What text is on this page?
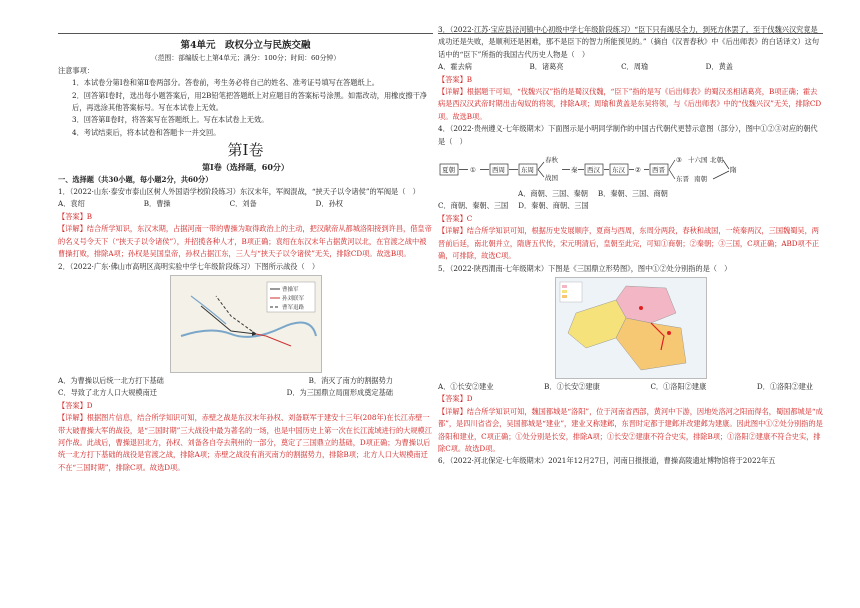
第4单元　政权分立与民族交融

（范围：部编版七上第4单元；满分：100分；时间：60分钟）

注意事项：

1．本试卷分第Ⅰ卷和第Ⅱ卷两部分。答卷前，考生务必将自己的姓名、准考证号填写在答题纸上。

2．回答第Ⅰ卷时，选出每小题答案后，用2B铅笔把答题纸上对应题目的答案标号涂黑。如需改动，用橡皮擦干净后，再选涂其他答案标号。写在本试卷上无效。

3．回答第Ⅱ卷时，将答案写在答题纸上。写在本试卷上无效。

4．考试结束后，将本试卷和答题卡一并交回。

第Ⅰ卷

第Ⅰ卷（选择题，60分）

一、选择题（共30小题，每小题2分，共60分）

1．（2022·山东·泰安市泰山区树人外国语学校阶段练习）东汉末年，军阀混战，“挟天子以令诸侯”的军阀是（　）

A．袁绍	B．曹操	C．刘备	D．孙权

【答案】B

【详解】结合所学知识，东汉末期，占据河南一带的曹操为取得政治上的主动，把汉献帝从都城洛阳接到许昌，借皇帝的名义号令天下（“挟天子以令诸侯”），并招揽各种人才，B项正确；袁绍在东汉末年占据黄河以北，在官渡之战中被曹操打败，排除A项；孙权是吴国皇帝，孙权占据江东，三人与“挟天子以令诸侯”无关，排除CD项。故选B项。

2．（2022·广东·佛山市高明区高明实验中学七年级阶段练习）下图所示战役（　）

曹操军
孙刘联军
曹军退路
A．为曹操以后统一北方打下基础	B．消灭了南方的割据势力
C．导致了北方人口大规模南迁	D．为三国鼎立局面形成奠定基础

【答案】D

【详解】根据图片信息，结合所学知识可知，赤壁之战是东汉末年孙权、刘备联军于建安十三年(208年)在长江赤壁一带大破曹操大军的战役，是“三国时期”三大战役中最为著名的一场，也是中国历史上第一次在长江流域进行的大规模江河作战。此战后，曹操退回北方，孙权、刘备各自夺去荆州的一部分，奠定了三国鼎立的基础，D项正确；为曹操以后统一北方打下基础的战役是官渡之战，排除A项；赤壁之战没有消灭南方的割据势力，排除B项；北方人口大规模南迁不在“三国时期”，排除C项。故选D项。

3．（2022·江苏·宝应县泾河镇中心初级中学七年级阶段练习）“臣下只有竭尽全力，到死方休罢了，至于伐魏兴汉究竟是成功还是失败，是顺利还是困难，那不是臣下的智力所能预见的。”（摘自《汉晋春秋》中《后出师表》的白话译文）这句话中的“臣下”所指的我国古代历史人物是（　）

A．霍去病	B．诸葛亮	C．周瑜	D．黄盖

【答案】B

【详解】根据题干可知，“伐魏兴汉”指的是蜀汉伐魏，“臣下”指的是写《后出师表》的蜀汉丞相诸葛亮，B项正确；霍去病是西汉汉武帝时期出击匈奴的将领，排除A项；周瑜和黄盖是东吴将领，与《后出师表》中的“伐魏兴汉”无关，排除CD项。故选B项。

4．（2022·贵州遵义·七年级期末）下面图示是小明同学制作的中国古代朝代更替示意图（部分），图中①②③对应的朝代是（　）

夏朝 ① 西周 东周
春秋
战国
秦 西汉 东汉 ② 西晋
东晋
③ 十六国 北朝
南朝
隋
A．商朝、三国、秦朝 B．秦朝、三国、商朝
C．商朝、秦朝、三国 D．秦朝、商朝、三国

【答案】C

【详解】结合所学知识可知，根据历史发展顺序，夏商与西周，东周分两段，春秋和战国，一统秦两汉，三国魏蜀吴，两晋前后延，南北朝并立，隋唐五代传，宋元明清后，皇朝至此完，可知①商朝；②秦朝；③三国，C项正确；ABD项不正确，可排除，故选C项。

5．（2022·陕西渭南·七年级期末）下图是《三国鼎立形势图》，图中①②处分别指的是（　）

A．①长安②建业	B．①长安②建康	C．①洛阳②建康	D．①洛阳②建业

【答案】D

【详解】结合所学知识可知，魏国都城是“洛阳”，位于河南省西部，黄河中下游，因地处洛河之阳而得名，蜀国都城是“成都”，是四川省省会，吴国都城是“建业”，建业又称建邺，东晋时定都于建邺并改建邺为建康。因此图中①②处分别指的是洛阳和建业，C项正确；①处分别是长安，排除A项；①长安②建康不符合史实，排除B项；①洛阳②建康不符合史实，排除C项。故选D项。

6．（2022·河北保定·七年级期末）2021年12月27日，河南日报报道，曹操高陵遗址博物馆将于2022年五
